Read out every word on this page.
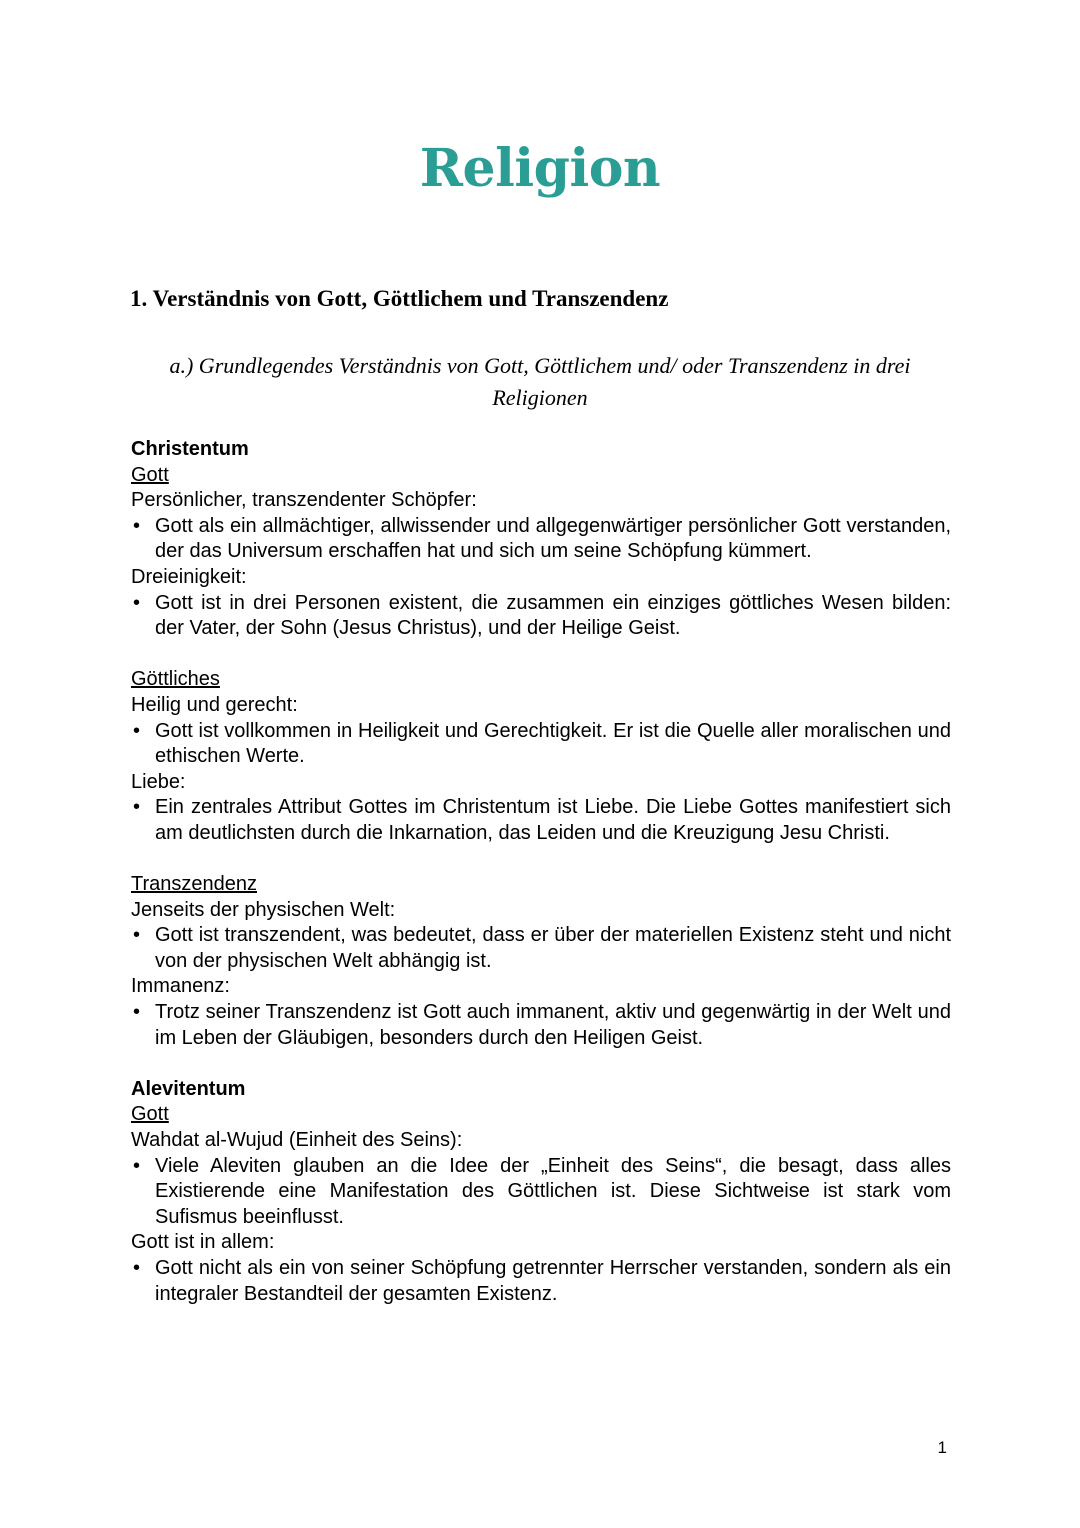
Religion
1. Verständnis von Gott, Göttlichem und Transzendenz

a.) Grundlegendes Verständnis von Gott, Göttlichem und/ oder Transzendenz in drei Religionen

Christentum

Gott

Persönlicher, transzendenter Schöpfer:

• Gott als ein allmächtiger, allwissender und allgegenwärtiger persönlicher Gott verstanden, der das Universum erschaffen hat und sich um seine Schöpfung kümmert.

Dreieinigkeit:

• Gott ist in drei Personen existent, die zusammen ein einziges göttliches Wesen bilden: der Vater, der Sohn (Jesus Christus), und der Heilige Geist.

Göttliches

Heilig und gerecht:

• Gott ist vollkommen in Heiligkeit und Gerechtigkeit. Er ist die Quelle aller moralischen und ethischen Werte.

Liebe:

• Ein zentrales Attribut Gottes im Christentum ist Liebe. Die Liebe Gottes manifestiert sich am deutlichsten durch die Inkarnation, das Leiden und die Kreuzigung Jesu Christi.

Transzendenz

Jenseits der physischen Welt:

• Gott ist transzendent, was bedeutet, dass er über der materiellen Existenz steht und nicht von der physischen Welt abhängig ist.

Immanenz:

• Trotz seiner Transzendenz ist Gott auch immanent, aktiv und gegenwärtig in der Welt und im Leben der Gläubigen, besonders durch den Heiligen Geist.

Alevitentum

Gott

Wahdat al-Wujud (Einheit des Seins):

• Viele Aleviten glauben an die Idee der „Einheit des Seins“, die besagt, dass alles Existierende eine Manifestation des Göttlichen ist. Diese Sichtweise ist stark vom Sufismus beeinflusst.

Gott ist in allem:

• Gott nicht als ein von seiner Schöpfung getrennter Herrscher verstanden, sondern als ein integraler Bestandteil der gesamten Existenz.
1
